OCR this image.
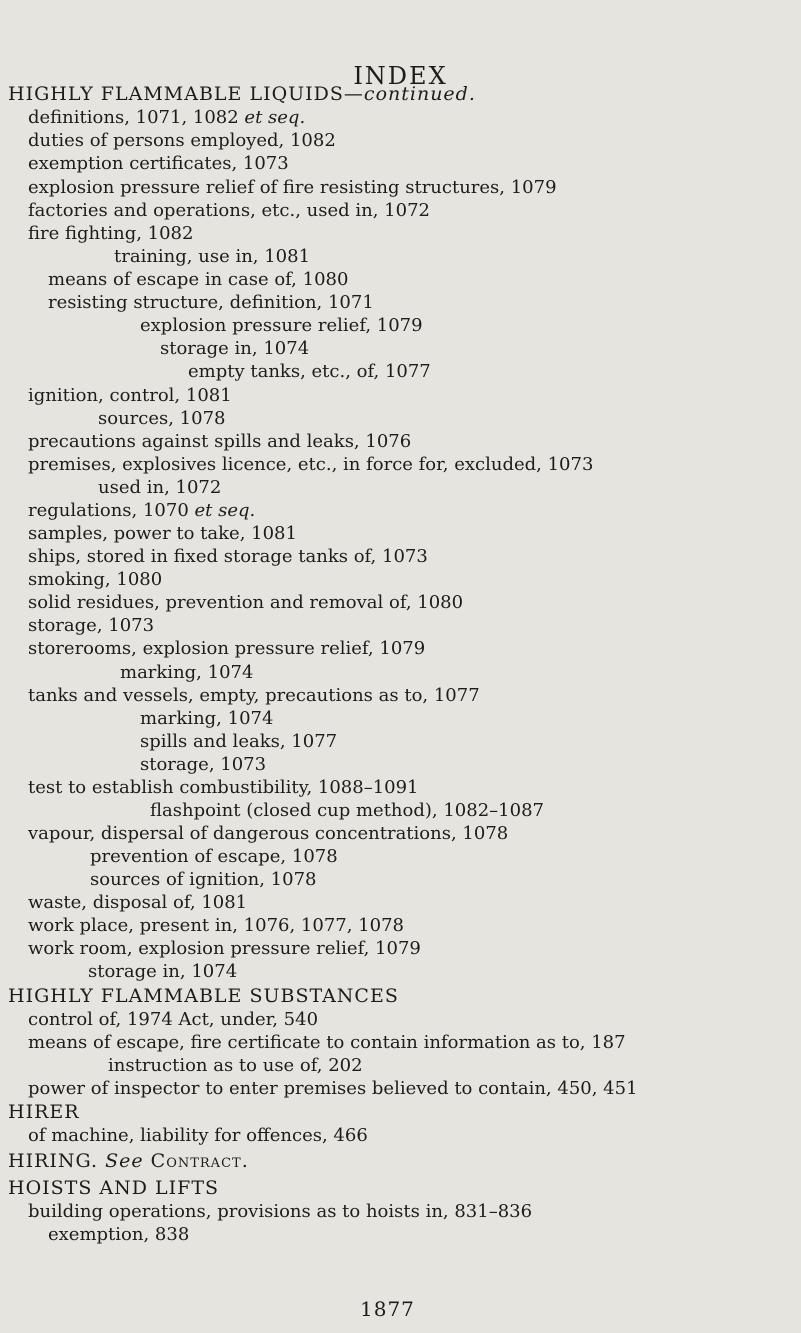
INDEX
HIGHLY FLAMMABLE LIQUIDS—continued.
definitions, 1071, 1082 et seq.
duties of persons employed, 1082
exemption certificates, 1073
explosion pressure relief of fire resisting structures, 1079
factories and operations, etc., used in, 1072
fire fighting, 1082
training, use in, 1081
means of escape in case of, 1080
resisting structure, definition, 1071
explosion pressure relief, 1079
storage in, 1074
empty tanks, etc., of, 1077
ignition, control, 1081
sources, 1078
precautions against spills and leaks, 1076
premises, explosives licence, etc., in force for, excluded, 1073
used in, 1072
regulations, 1070 et seq.
samples, power to take, 1081
ships, stored in fixed storage tanks of, 1073
smoking, 1080
solid residues, prevention and removal of, 1080
storage, 1073
storerooms, explosion pressure relief, 1079
marking, 1074
tanks and vessels, empty, precautions as to, 1077
marking, 1074
spills and leaks, 1077
storage, 1073
test to establish combustibility, 1088–1091
flashpoint (closed cup method), 1082–1087
vapour, dispersal of dangerous concentrations, 1078
prevention of escape, 1078
sources of ignition, 1078
waste, disposal of, 1081
work place, present in, 1076, 1077, 1078
work room, explosion pressure relief, 1079
storage in, 1074
HIGHLY FLAMMABLE SUBSTANCES
control of, 1974 Act, under, 540
means of escape, fire certificate to contain information as to, 187
instruction as to use of, 202
power of inspector to enter premises believed to contain, 450, 451
HIRER
of machine, liability for offences, 466
HIRING. See Contract.
HOISTS AND LIFTS
building operations, provisions as to hoists in, 831–836
exemption, 838
1877
